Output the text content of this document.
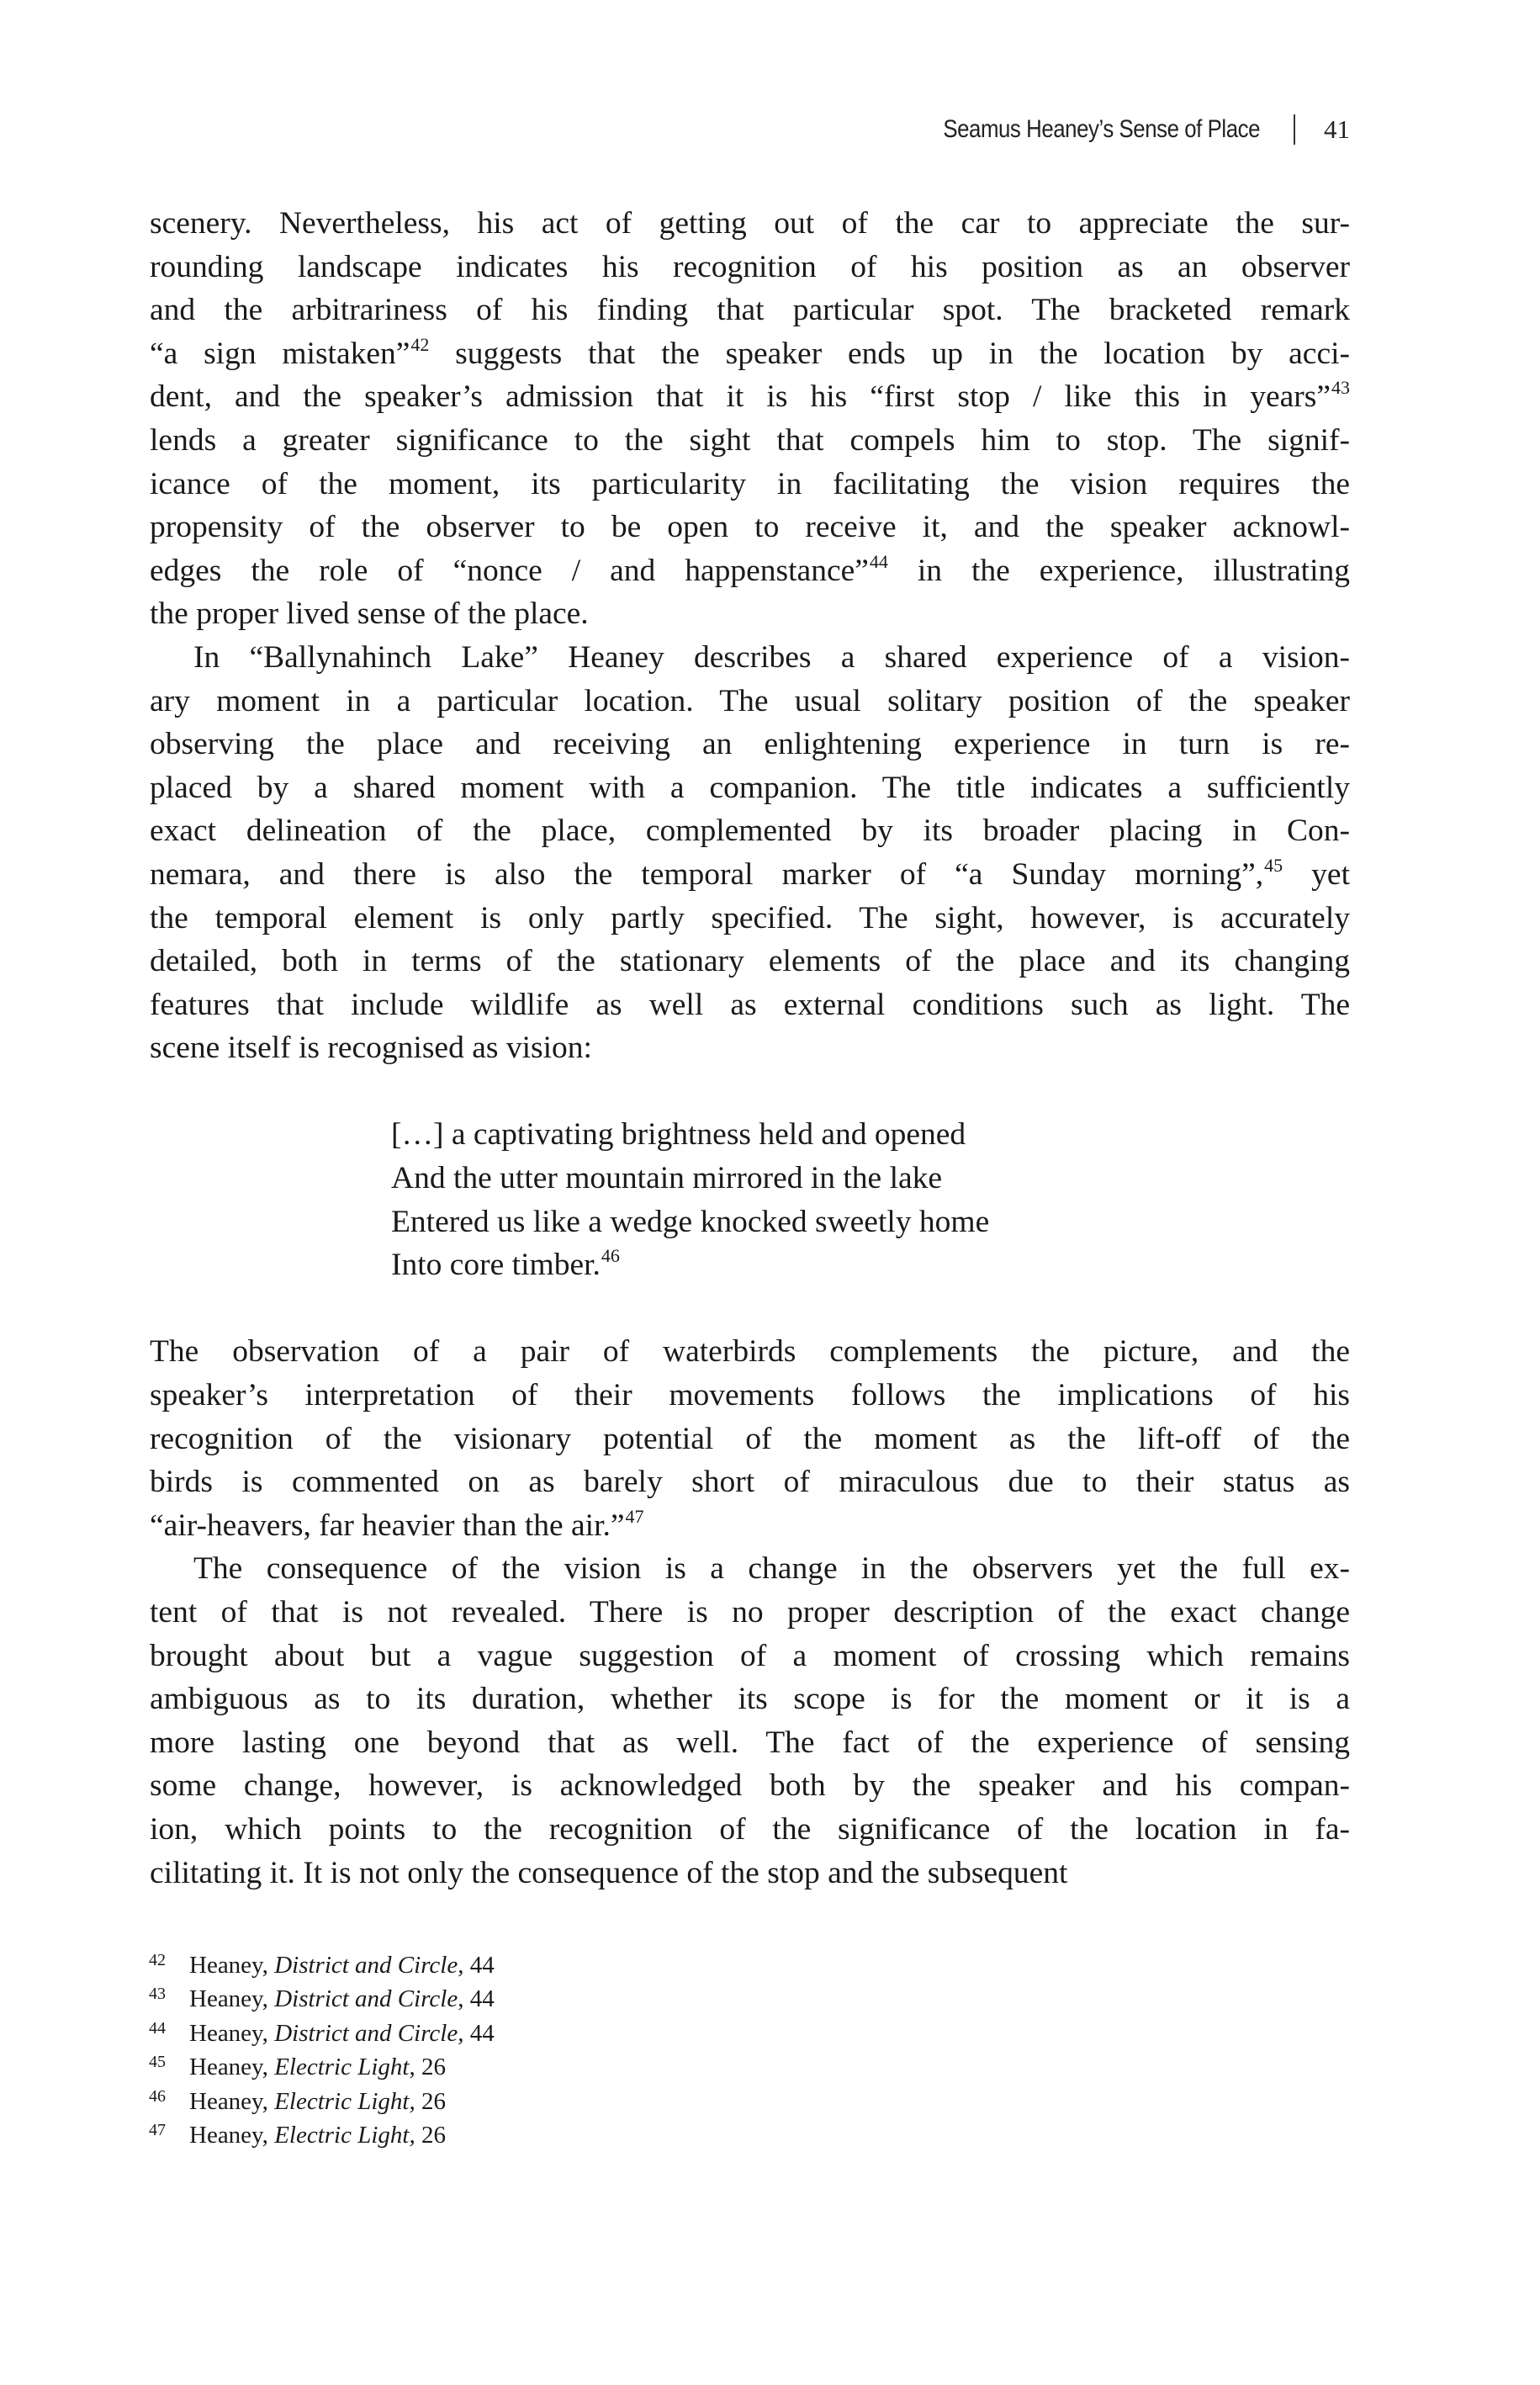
Seamus Heaney’s Sense of Place 41

scenery. Nevertheless, his act of getting out of the car to appreciate the sur-
rounding landscape indicates his recognition of his position as an observer
and the arbitrariness of his finding that particular spot. The bracketed remark
“a sign mistaken”$^{42}$ suggests that the speaker ends up in the location by acci-
dent, and the speaker’s admission that it is his “first stop / like this in years”$^{43}$
lends a greater significance to the sight that compels him to stop. The signif-
icance of the moment, its particularity in facilitating the vision requires the
propensity of the observer to be open to receive it, and the speaker acknowl-
edges the role of “nonce / and happenstance”$^{44}$ in the experience, illustrating
the proper lived sense of the place.

In “Ballynahinch Lake” Heaney describes a shared experience of a vision-
ary moment in a particular location. The usual solitary position of the speaker
observing the place and receiving an enlightening experience in turn is re-
placed by a shared moment with a companion. The title indicates a sufficiently
exact delineation of the place, complemented by its broader placing in Con-
nemara, and there is also the temporal marker of “a Sunday morning”,$^{45}$ yet
the temporal element is only partly specified. The sight, however, is accurately
detailed, both in terms of the stationary elements of the place and its changing
features that include wildlife as well as external conditions such as light. The
scene itself is recognised as vision:

[…] a captivating brightness held and opened
And the utter mountain mirrored in the lake
Entered us like a wedge knocked sweetly home
Into core timber.$^{46}$

The observation of a pair of waterbirds complements the picture, and the
speaker’s interpretation of their movements follows the implications of his
recognition of the visionary potential of the moment as the lift-off of the
birds is commented on as barely short of miraculous due to their status as
“air-heavers, far heavier than the air.”$^{47}$

The consequence of the vision is a change in the observers yet the full ex-
tent of that is not revealed. There is no proper description of the exact change
brought about but a vague suggestion of a moment of crossing which remains
ambiguous as to its duration, whether its scope is for the moment or it is a
more lasting one beyond that as well. The fact of the experience of sensing
some change, however, is acknowledged both by the speaker and his compan-
ion, which points to the recognition of the significance of the location in fa-
cilitating it. It is not only the consequence of the stop and the subsequent

42 Heaney, District and Circle, 44
43 Heaney, District and Circle, 44
44 Heaney, District and Circle, 44
45 Heaney, Electric Light, 26
46 Heaney, Electric Light, 26
47 Heaney, Electric Light, 26
